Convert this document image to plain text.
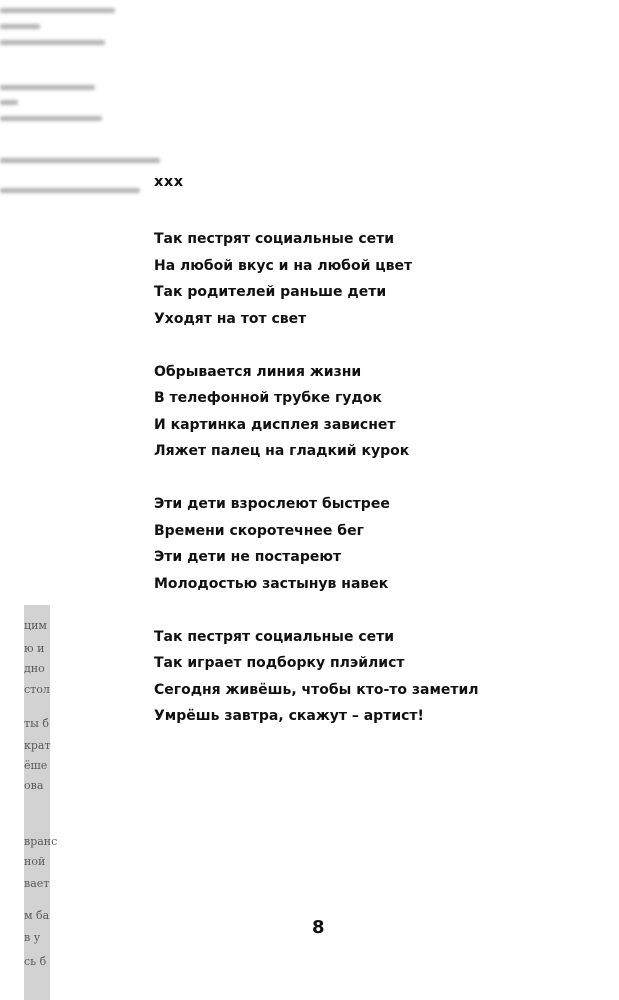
цим
ю и
дно
стол
ты б
крат
ёше
ова
вранс
ной
вает
м ба
в у
сь б
ххх
Так пестрят социальные сети
На любой вкус и на любой цвет
Так родителей раньше дети
Уходят на тот свет
Обрывается линия жизни
В телефонной трубке гудок
И картинка дисплея зависнет
Ляжет палец на гладкий курок
Эти дети взрослеют быстрее
Времени скоротечнее бег
Эти дети не постареют
Молодостью застынув навек
Так пестрят социальные сети
Так играет подборку плэйлист
Сегодня живёшь, чтобы кто-то заметил
Умрёшь завтра, скажут – артист!
8
